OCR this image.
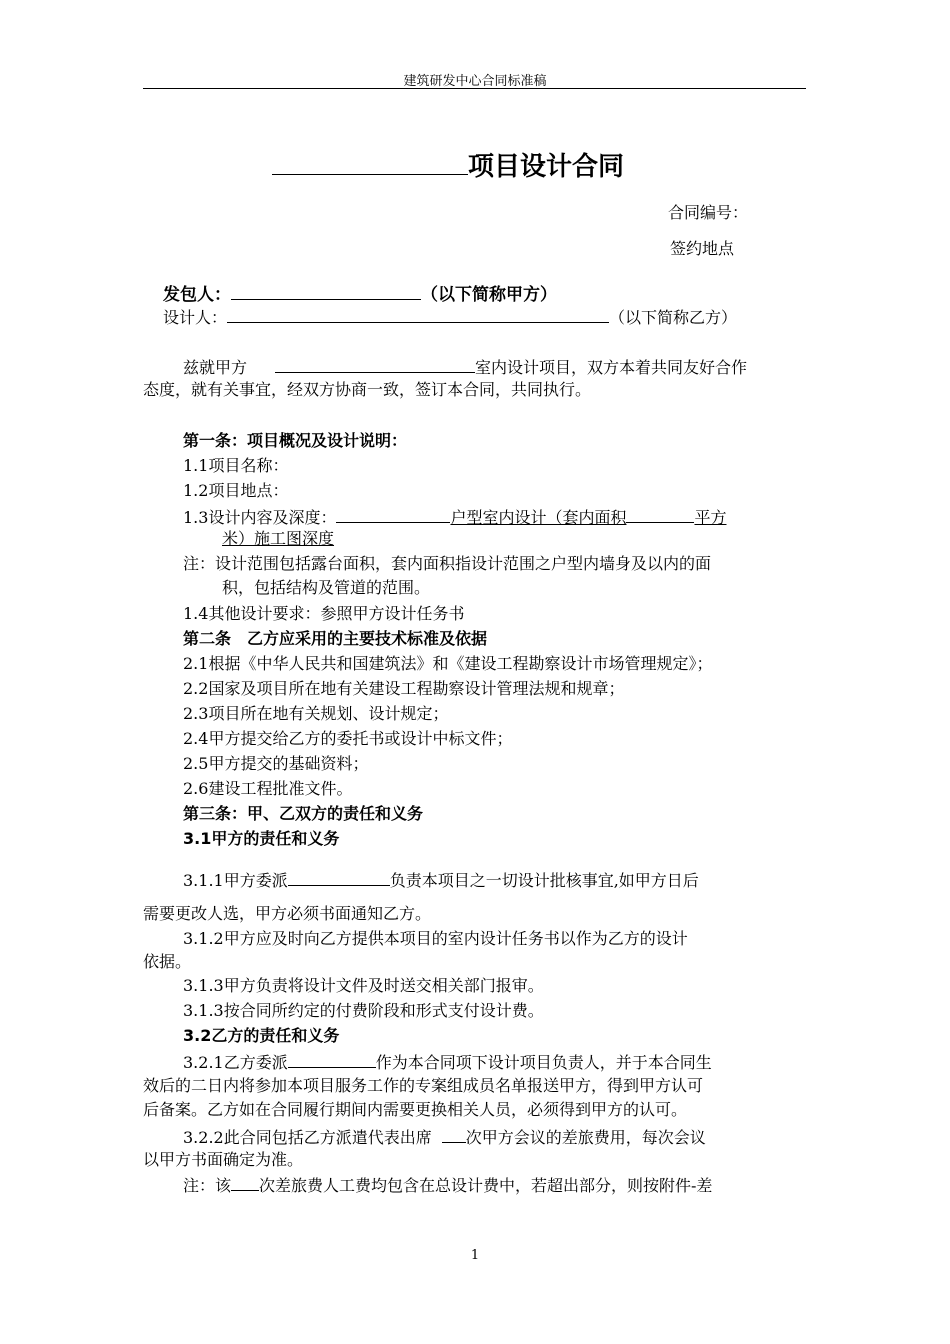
建筑研发中心合同标准稿
项目设计合同
合同编号：
签约地点
发包人：	（以下简称甲方）
设计人：	（以下简称乙方）
兹就甲方	室内设计项目，双方本着共同友好合作
态度，就有关事宜，经双方协商一致，签订本合同，共同执行。
第一条：项目概况及设计说明：
1.1项目名称：
1.2项目地点：
1.3设计内容及深度：	户型室内设计（套内面积	平方
米）施工图深度
注：设计范围包括露台面积，套内面积指设计范围之户型内墙身及以内的面
积，包括结构及管道的范围。
1.4其他设计要求：参照甲方设计任务书
第二条　乙方应采用的主要技术标准及依据
2.1根据《中华人民共和国建筑法》和《建设工程勘察设计市场管理规定》；
2.2国家及项目所在地有关建设工程勘察设计管理法规和规章；
2.3项目所在地有关规划、设计规定；
2.4甲方提交给乙方的委托书或设计中标文件；
2.5甲方提交的基础资料；
2.6建设工程批准文件。
第三条：甲、乙双方的责任和义务
3.1甲方的责任和义务
3.1.1甲方委派	负责本项目之一切设计批核事宜,如甲方日后
需要更改人选，甲方必须书面通知乙方。
3.1.2甲方应及时向乙方提供本项目的室内设计任务书以作为乙方的设计
依据。
3.1.3甲方负责将设计文件及时送交相关部门报审。
3.1.3按合同所约定的付费阶段和形式支付设计费。
3.2乙方的责任和义务
3.2.1乙方委派	作为本合同项下设计项目负责人，并于本合同生
效后的二日内将参加本项目服务工作的专案组成员名单报送甲方，得到甲方认可
后备案。乙方如在合同履行期间内需要更换相关人员，必须得到甲方的认可。
3.2.2此合同包括乙方派遣代表出席 次甲方会议的差旅费用，每次会议
以甲方书面确定为准。
注：该 次差旅费人工费均包含在总设计费中，若超出部分，则按附件-差
1
